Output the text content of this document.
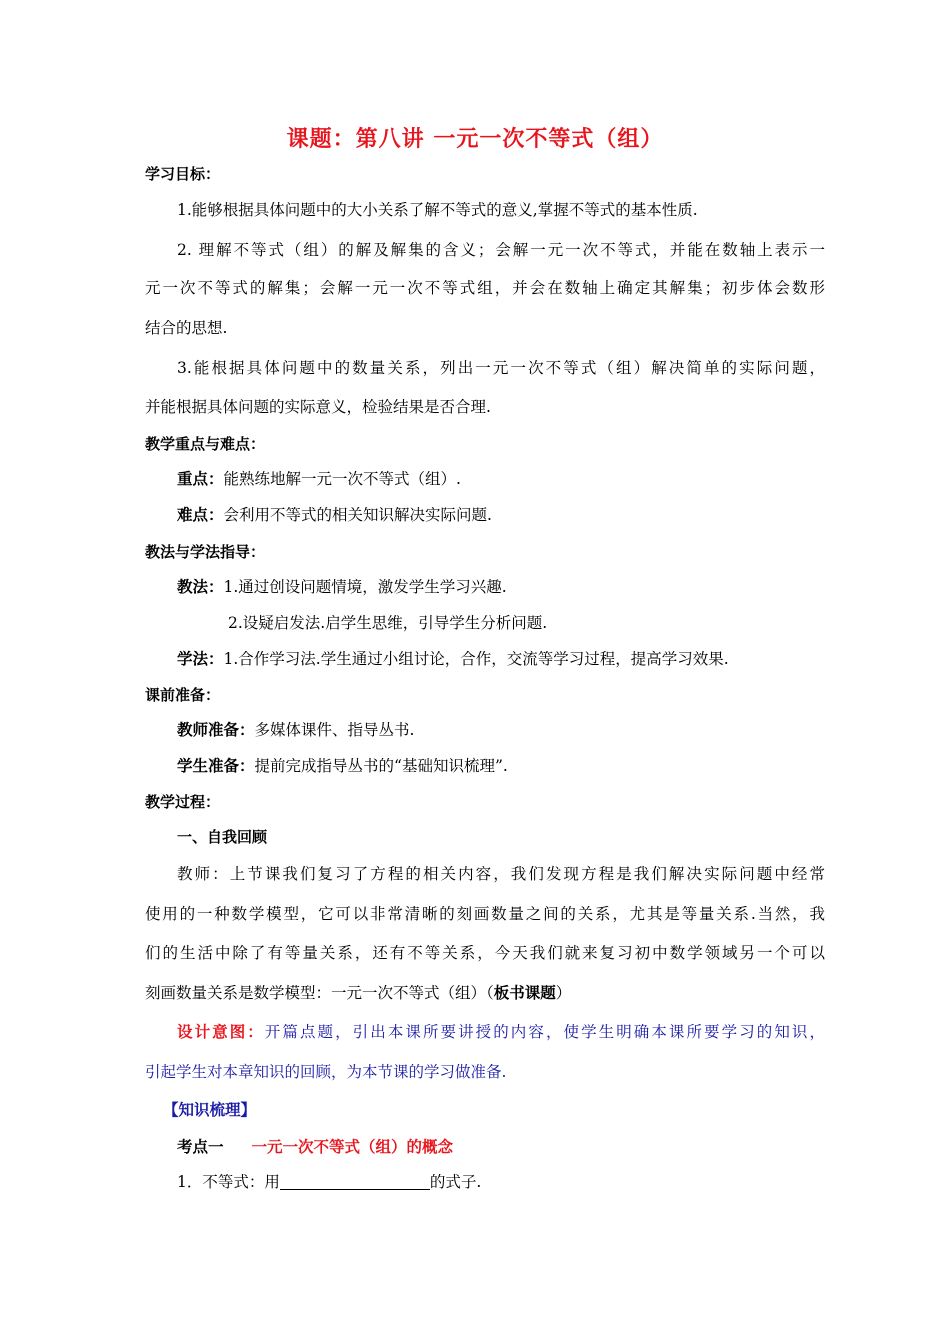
课题：第八讲 一元一次不等式（组）
学习目标：
1.能够根据具体问题中的大小关系了解不等式的意义,掌握不等式的基本性质.
2. 理解不等式（组）的解及解集的含义；会解一元一次不等式，并能在数轴上表示一
元一次不等式的解集；会解一元一次不等式组，并会在数轴上确定其解集；初步体会数形
结合的思想.
3.能根据具体问题中的数量关系，列出一元一次不等式（组）解决简单的实际问题，
并能根据具体问题的实际意义，检验结果是否合理.
教学重点与难点：
重点：能熟练地解一元一次不等式（组）.
难点：会利用不等式的相关知识解决实际问题.
教法与学法指导：
教法：1.通过创设问题情境，激发学生学习兴趣.
2.设疑启发法.启学生思维，引导学生分析问题.
学法：1.合作学习法.学生通过小组讨论，合作，交流等学习过程，提高学习效果.
课前准备：
教师准备：多媒体课件、指导丛书.
学生准备：提前完成指导丛书的“基础知识梳理”.
教学过程：
一、自我回顾
教师：上节课我们复习了方程的相关内容，我们发现方程是我们解决实际问题中经常
使用的一种数学模型，它可以非常清晰的刻画数量之间的关系，尤其是等量关系.当然，我
们的生活中除了有等量关系，还有不等关系，今天我们就来复习初中数学领域另一个可以
刻画数量关系是数学模型：一元一次不等式（组）（板书课题）
设计意图：开篇点题，引出本课所要讲授的内容，使学生明确本课所要学习的知识，
引起学生对本章知识的回顾，为本节课的学习做准备.
【知识梳理】
考点一 一元一次不等式（组）的概念
1．不等式：用	的式子.
